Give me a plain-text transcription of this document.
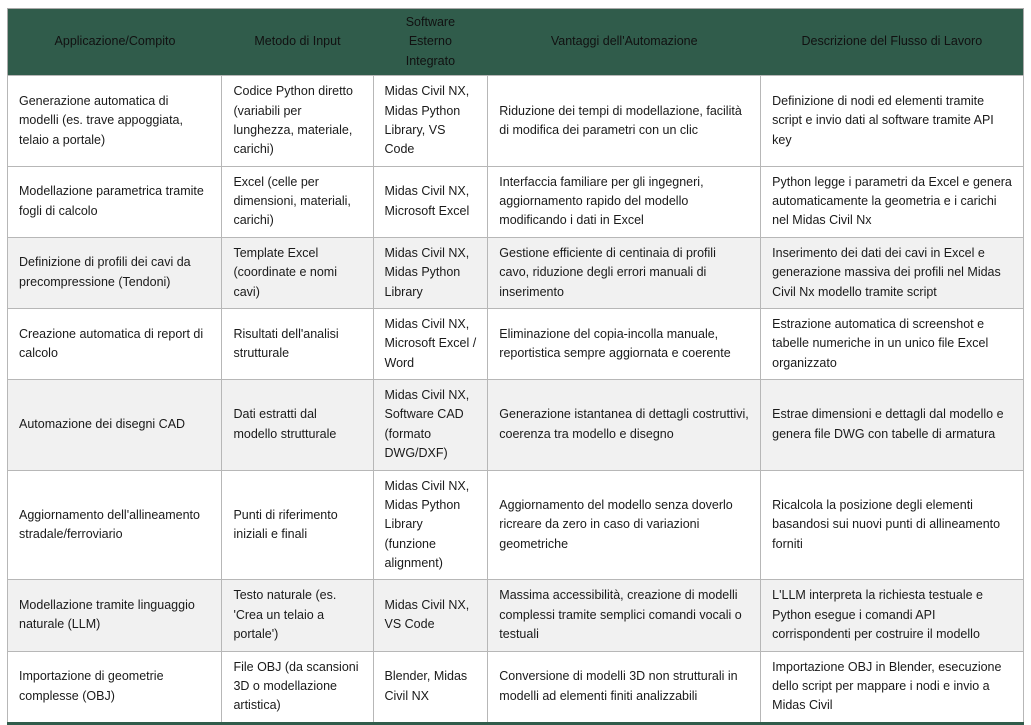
Applicazione/Compito	Metodo di Input	Software Esterno Integrato	Vantaggi dell'Automazione	Descrizione del Flusso di Lavoro
Generazione automatica di modelli (es. trave appoggiata, telaio a portale)	Codice Python diretto (variabili per lunghezza, materiale, carichi)	Midas Civil NX, Midas Python Library, VS Code	Riduzione dei tempi di modellazione, facilità di modifica dei parametri con un clic	Definizione di nodi ed elementi tramite script e invio dati al software tramite API key
Modellazione parametrica tramite fogli di calcolo	Excel (celle per dimensioni, materiali, carichi)	Midas Civil NX, Microsoft Excel	Interfaccia familiare per gli ingegneri, aggiornamento rapido del modello modificando i dati in Excel	Python legge i parametri da Excel e genera automaticamente la geometria e i carichi nel Midas Civil Nx
Definizione di profili dei cavi da precompressione (Tendoni)	Template Excel (coordinate e nomi cavi)	Midas Civil NX, Midas Python Library	Gestione efficiente di centinaia di profili cavo, riduzione degli errori manuali di inserimento	Inserimento dei dati dei cavi in Excel e generazione massiva dei profili nel Midas Civil Nx modello tramite script
Creazione automatica di report di calcolo	Risultati dell'analisi strutturale	Midas Civil NX, Microsoft Excel / Word	Eliminazione del copia-incolla manuale, reportistica sempre aggiornata e coerente	Estrazione automatica di screenshot e tabelle numeriche in un unico file Excel organizzato
Automazione dei disegni CAD	Dati estratti dal modello strutturale	Midas Civil NX, Software CAD (formato DWG/DXF)	Generazione istantanea di dettagli costruttivi, coerenza tra modello e disegno	Estrae dimensioni e dettagli dal modello e genera file DWG con tabelle di armatura
Aggiornamento dell'allineamento stradale/ferroviario	Punti di riferimento iniziali e finali	Midas Civil NX, Midas Python Library (funzione alignment)	Aggiornamento del modello senza doverlo ricreare da zero in caso di variazioni geometriche	Ricalcola la posizione degli elementi basandosi sui nuovi punti di allineamento forniti
Modellazione tramite linguaggio naturale (LLM)	Testo naturale (es. 'Crea un telaio a portale')	Midas Civil NX, VS Code	Massima accessibilità, creazione di modelli complessi tramite semplici comandi vocali o testuali	L'LLM interpreta la richiesta testuale e Python esegue i comandi API corrispondenti per costruire il modello
Importazione di geometrie complesse (OBJ)	File OBJ (da scansioni 3D o modellazione artistica)	Blender, Midas Civil NX	Conversione di modelli 3D non strutturali in modelli ad elementi finiti analizzabili	Importazione OBJ in Blender, esecuzione dello script per mappare i nodi e invio a Midas Civil
